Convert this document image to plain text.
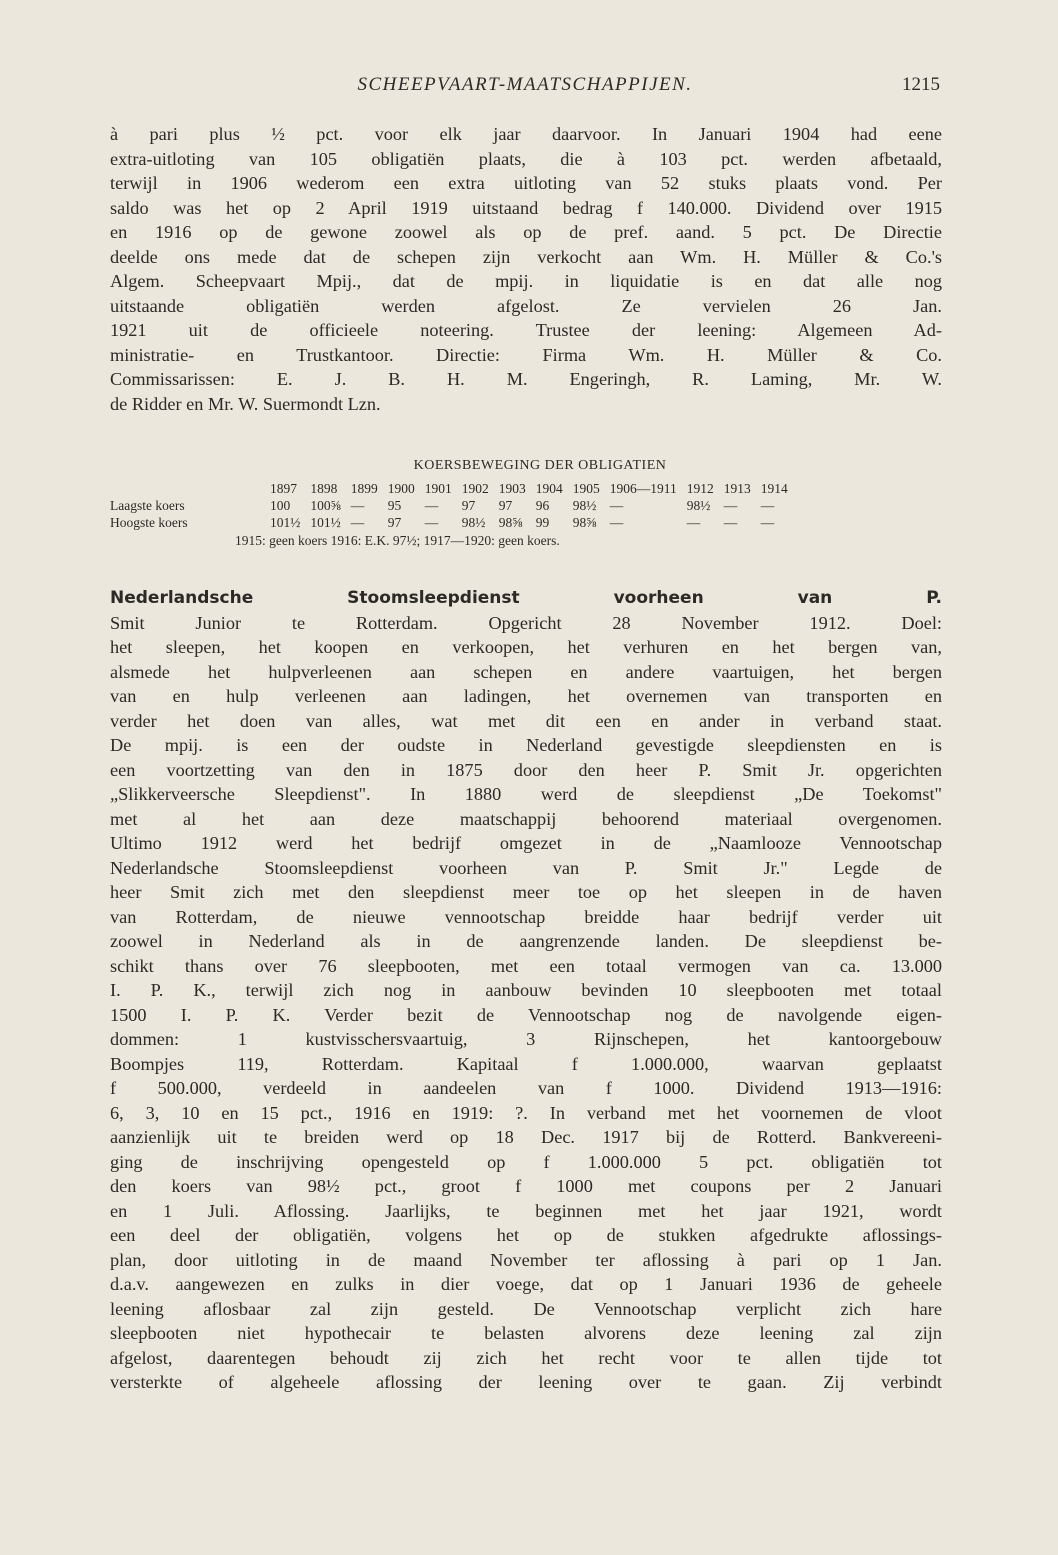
SCHEEPVAART-MAATSCHAPPIJEN.	1215
à pari plus ½ pct. voor elk jaar daarvoor. In Januari 1904 had eene
extra-uitloting van 105 obligatiën plaats, die à 103 pct. werden afbetaald,
terwijl in 1906 wederom een extra uitloting van 52 stuks plaats vond. Per
saldo was het op 2 April 1919 uitstaand bedrag f 140.000. Dividend over 1915
en 1916 op de gewone zoowel als op de pref. aand. 5 pct. De Directie
deelde ons mede dat de schepen zijn verkocht aan Wm. H. Müller & Co.'s
Algem. Scheepvaart Mpij., dat de mpij. in liquidatie is en dat alle nog
uitstaande obligatiën werden afgelost. Ze vervielen 26 Jan.
1921 uit de officieele noteering. Trustee der leening: Algemeen Ad-
ministratie- en Trustkantoor. Directie: Firma Wm. H. Müller & Co.
Commissarissen: E. J. B. H. M. Engeringh, R. Laming, Mr. W.
de Ridder en Mr. W. Suermondt Lzn.
KOERSBEWEGING DER OBLIGATIEN
	1897	1898	1899	1900	1901	1902	1903	1904	1905	1906—1911	1912	1913	1914
Laagste koers	100	100⅝	—	95	—	97	97	96	98½	—	98½	—	—
Hoogste koers	101½	101½	—	97	—	98½	98⅝	99	98⅝	—	—	—	—
1915: geen koers 1916: E.K. 97½; 1917—1920: geen koers.
Nederlandsche Stoomsleepdienst voorheen van P.
Smit Junior te Rotterdam. Opgericht 28 November 1912. Doel:
het sleepen, het koopen en verkoopen, het verhuren en het bergen van,
alsmede het hulpverleenen aan schepen en andere vaartuigen, het bergen
van en hulp verleenen aan ladingen, het overnemen van transporten en
verder het doen van alles, wat met dit een en ander in verband staat.
De mpij. is een der oudste in Nederland gevestigde sleepdiensten en is
een voortzetting van den in 1875 door den heer P. Smit Jr. opgerichten
„Slikkerveersche Sleepdienst". In 1880 werd de sleepdienst „De Toekomst"
met al het aan deze maatschappij behoorend materiaal overgenomen.
Ultimo 1912 werd het bedrijf omgezet in de „Naamlooze Vennootschap
Nederlandsche Stoomsleepdienst voorheen van P. Smit Jr." Legde de
heer Smit zich met den sleepdienst meer toe op het sleepen in de haven
van Rotterdam, de nieuwe vennootschap breidde haar bedrijf verder uit
zoowel in Nederland als in de aangrenzende landen. De sleepdienst be-
schikt thans over 76 sleepbooten, met een totaal vermogen van ca. 13.000
I. P. K., terwijl zich nog in aanbouw bevinden 10 sleepbooten met totaal
1500 I. P. K. Verder bezit de Vennootschap nog de navolgende eigen-
dommen: 1 kustvisschersvaartuig, 3 Rijnschepen, het kantoorgebouw
Boompjes 119, Rotterdam. Kapitaal f 1.000.000, waarvan geplaatst
f 500.000, verdeeld in aandeelen van f 1000. Dividend 1913—1916:
6, 3, 10 en 15 pct., 1916 en 1919: ?. In verband met het voornemen de vloot
aanzienlijk uit te breiden werd op 18 Dec. 1917 bij de Rotterd. Bankvereeni-
ging de inschrijving opengesteld op f 1.000.000 5 pct. obligatiën tot
den koers van 98½ pct., groot f 1000 met coupons per 2 Januari
en 1 Juli. Aflossing. Jaarlijks, te beginnen met het jaar 1921, wordt
een deel der obligatiën, volgens het op de stukken afgedrukte aflossings-
plan, door uitloting in de maand November ter aflossing à pari op 1 Jan.
d.a.v. aangewezen en zulks in dier voege, dat op 1 Januari 1936 de geheele
leening aflosbaar zal zijn gesteld. De Vennootschap verplicht zich hare
sleepbooten niet hypothecair te belasten alvorens deze leening zal zijn
afgelost, daarentegen behoudt zij zich het recht voor te allen tijde tot
versterkte of algeheele aflossing der leening over te gaan. Zij verbindt
